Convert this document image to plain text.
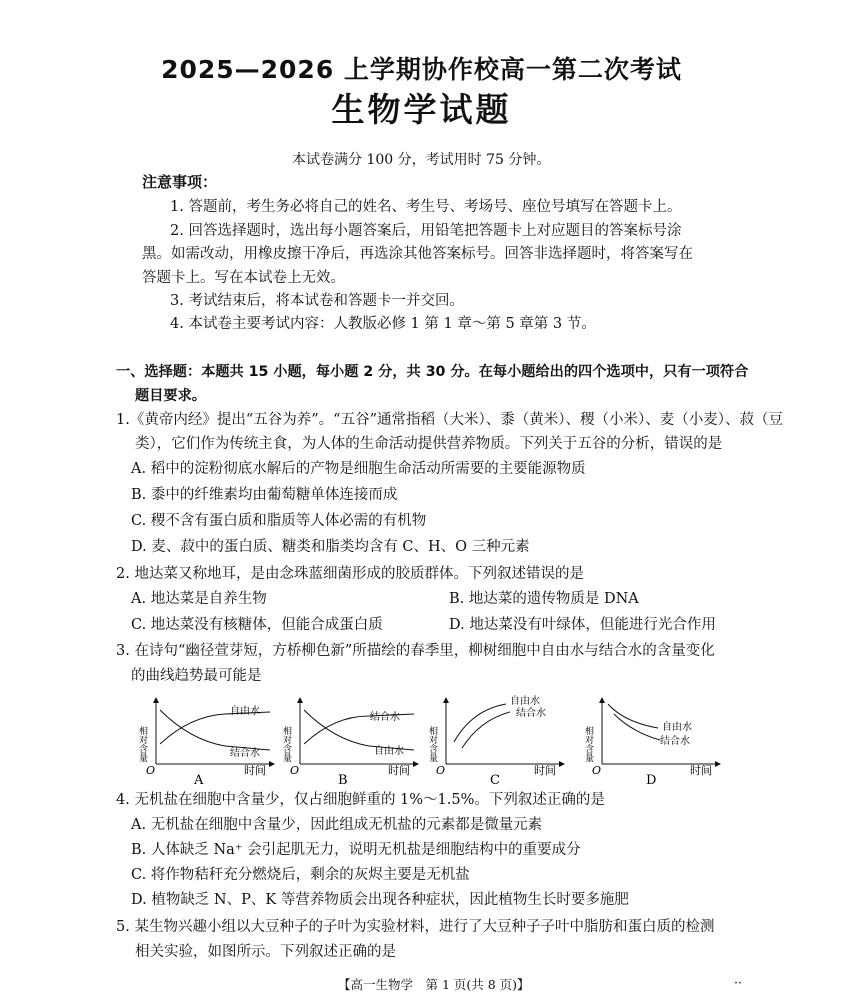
2025—2026 上学期协作校高一第二次考试
生物学试题
本试卷满分 100 分，考试用时 75 分钟。
注意事项：
1. 答题前，考生务必将自己的姓名、考生号、考场号、座位号填写在答题卡上。
2. 回答选择题时，选出每小题答案后，用铅笔把答题卡上对应题目的答案标号涂
黑。如需改动，用橡皮擦干净后，再选涂其他答案标号。回答非选择题时，将答案写在
答题卡上。写在本试卷上无效。
3. 考试结束后，将本试卷和答题卡一并交回。
4. 本试卷主要考试内容：人教版必修 1 第 1 章～第 5 章第 3 节。
一、选择题：本题共 15 小题，每小题 2 分，共 30 分。在每小题给出的四个选项中，只有一项符合
题目要求。
1.《黄帝内经》提出“五谷为养”。“五谷”通常指稻（大米）、黍（黄米）、稷（小米）、麦（小麦）、菽（豆
类），它们作为传统主食，为人体的生命活动提供营养物质。下列关于五谷的分析，错误的是
A. 稻中的淀粉彻底水解后的产物是细胞生命活动所需要的主要能源物质
B. 黍中的纤维素均由葡萄糖单体连接而成
C. 稷不含有蛋白质和脂质等人体必需的有机物
D. 麦、菽中的蛋白质、糖类和脂类均含有 C、H、O 三种元素
2. 地达菜又称地耳，是由念珠蓝细菌形成的胶质群体。下列叙述错误的是
A. 地达菜是自养生物	B. 地达菜的遗传物质是 DNA
C. 地达菜没有核糖体，但能合成蛋白质	D. 地达菜没有叶绿体，但能进行光合作用
3. 在诗句“幽径萱芽短，方桥柳色新”所描绘的春季里，柳树细胞中自由水与结合水的含量变化
的曲线趋势最可能是
相对含量
O	时间
自由水
结合水
A
相对含量
O	时间
结合水
自由水
B
相对含量
O	时间
自由水
结合水
C
相对含量
O	时间
自由水
结合水
D
4. 无机盐在细胞中含量少，仅占细胞鲜重的 1%～1.5%。下列叙述正确的是
A. 无机盐在细胞中含量少，因此组成无机盐的元素都是微量元素
B. 人体缺乏 Na⁺ 会引起肌无力，说明无机盐是细胞结构中的重要成分
C. 将作物秸秆充分燃烧后，剩余的灰烬主要是无机盐
D. 植物缺乏 N、P、K 等营养物质会出现各种症状，因此植物生长时要多施肥
5. 某生物兴趣小组以大豆种子的子叶为实验材料，进行了大豆种子子叶中脂肪和蛋白质的检测
相关实验，如图所示。下列叙述正确的是
【高一生物学　第 1 页(共 8 页)】	··
